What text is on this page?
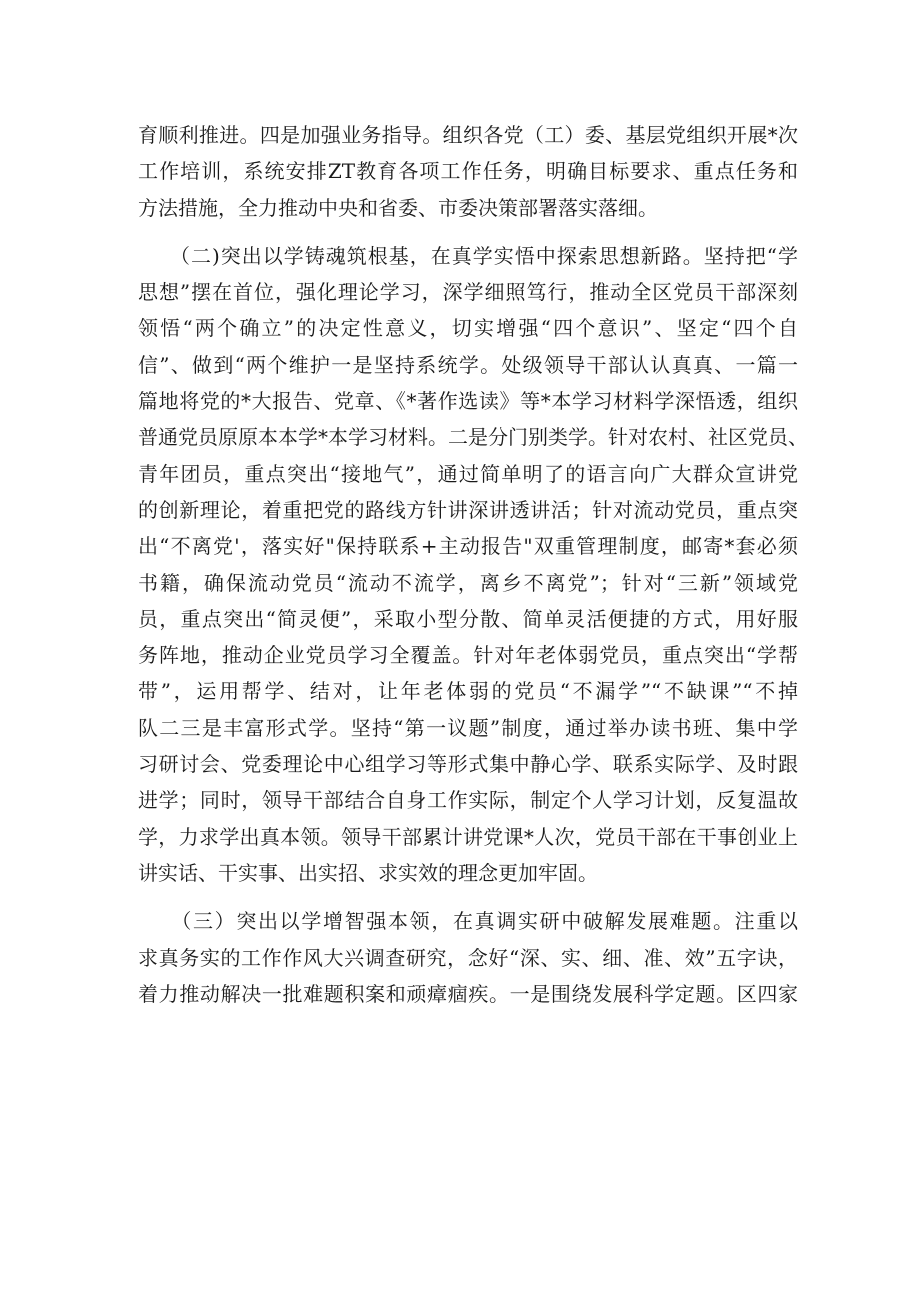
育顺利推进。四是加强业务指导。组织各党（工）委、基层党组织开展*次
工作培训，系统安排ZT教育各项工作任务，明确目标要求、重点任务和
方法措施，全力推动中央和省委、市委决策部署落实落细。
　　（二)突出以学铸魂筑根基，在真学实悟中探索思想新路。坚持把“学
思想”摆在首位，强化理论学习，深学细照笃行，推动全区党员干部深刻
领悟“两个确立”的决定性意义，切实增强“四个意识”、坚定“四个自
信”、做到“两个维护一是坚持系统学。处级领导干部认认真真、一篇一
篇地将党的*大报告、党章、《*著作选读》等*本学习材料学深悟透，组织
普通党员原原本本学*本学习材料。二是分门别类学。针对农村、社区党员、
青年团员，重点突出“接地气”，通过简单明了的语言向广大群众宣讲党
的创新理论，着重把党的路线方针讲深讲透讲活；针对流动党员，重点突
出“不离党'，落实好"保持联系+主动报告"双重管理制度，邮寄*套必须
书籍，确保流动党员“流动不流学，离乡不离党”；针对“三新”领域党
员，重点突出“简灵便”，采取小型分散、简单灵活便捷的方式，用好服
务阵地，推动企业党员学习全覆盖。针对年老体弱党员，重点突出“学帮
带”，运用帮学、结对，让年老体弱的党员“不漏学”“不缺课”“不掉
队二三是丰富形式学。坚持“第一议题”制度，通过举办读书班、集中学
习研讨会、党委理论中心组学习等形式集中静心学、联系实际学、及时跟
进学；同时，领导干部结合自身工作实际，制定个人学习计划，反复温故
学，力求学出真本领。领导干部累计讲党课*人次，党员干部在干事创业上
讲实话、干实事、出实招、求实效的理念更加牢固。
　　（三）突出以学增智强本领，在真调实研中破解发展难题。注重以
求真务实的工作作风大兴调查研究，念好“深、实、细、准、效”五字诀，
着力推动解决一批难题积案和顽瘴痼疾。一是围绕发展科学定题。区四家
